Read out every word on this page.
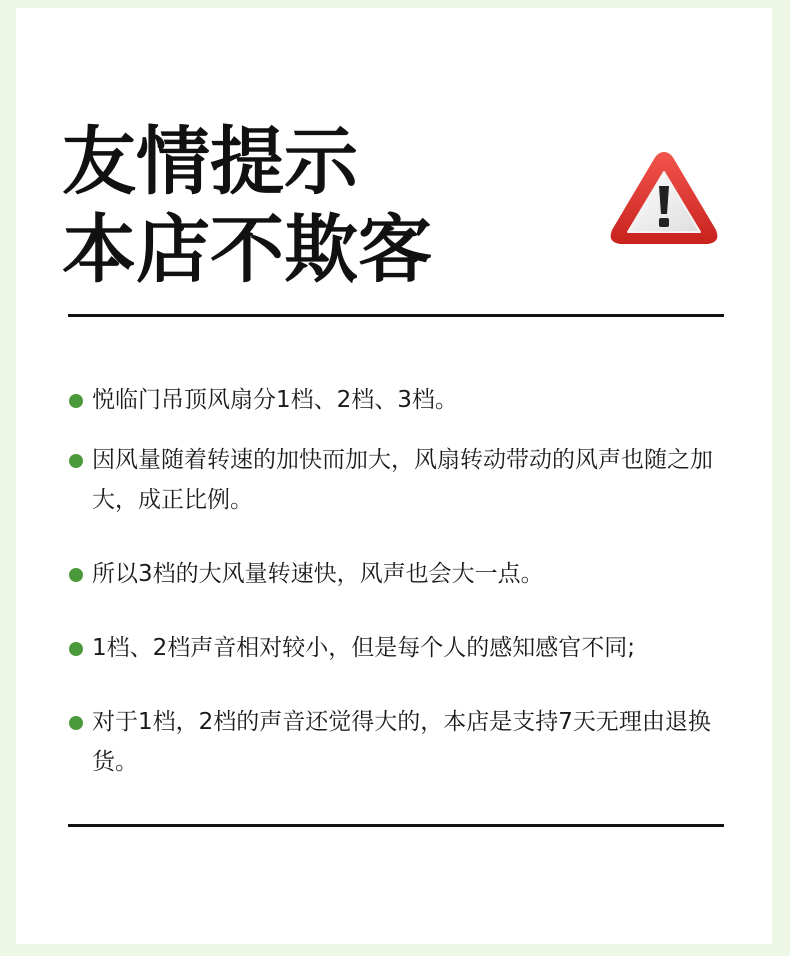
友情提示
本店不欺客
悦临门吊顶风扇分1档、2档、3档。
因风量随着转速的加快而加大，风扇转动带动的风声也随之加大，成正比例。
所以3档的大风量转速快，风声也会大一点。
1档、2档声音相对较小，但是每个人的感知感官不同;
对于1档，2档的声音还觉得大的，本店是支持7天无理由退换货。
